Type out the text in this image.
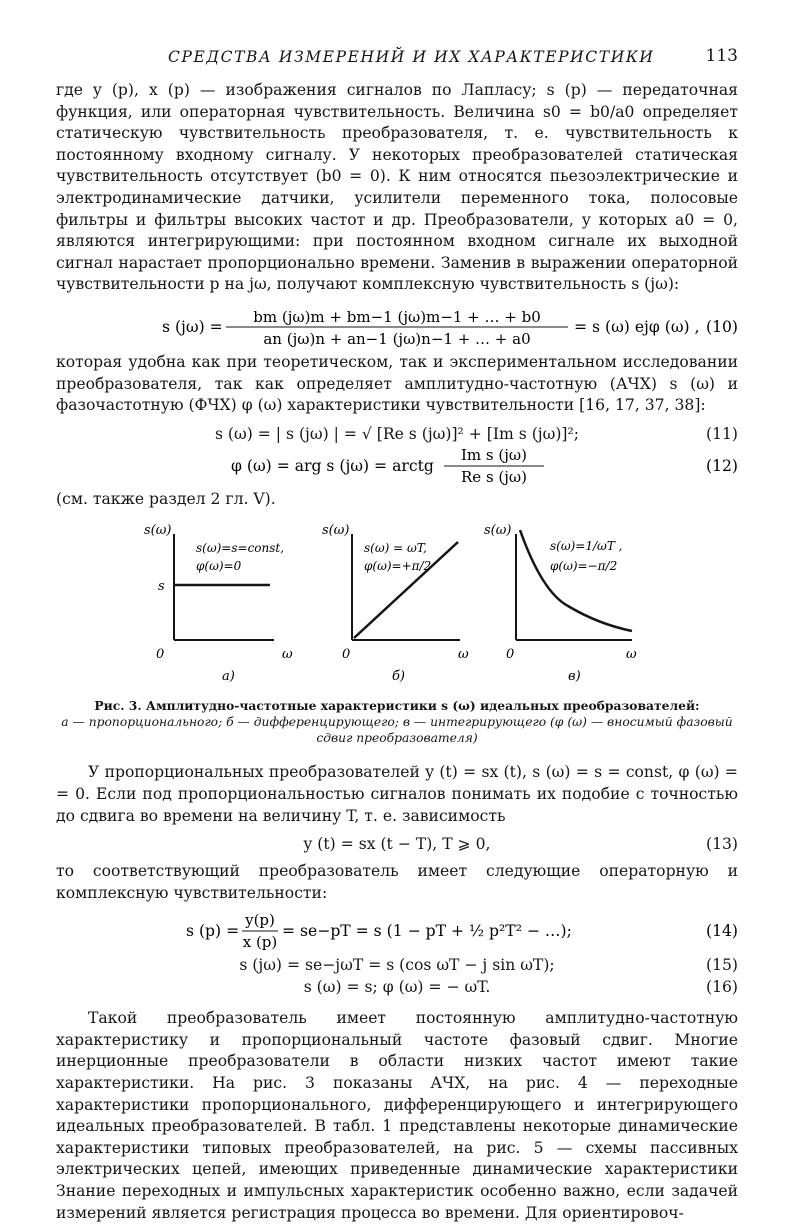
СРЕДСТВА ИЗМЕРЕНИЙ И ИХ ХАРАКТЕРИСТИКИ	113

где y (p), x (p) — изображения сигналов по Лапласу; s (p) — передаточная функция, или операторная чувствительность. Величина s0 = b0/a0 определяет статическую чувствительность преобразователя, т. е. чувствительность к постоянному входному сигналу. У некоторых преобразователей статическая чувствительность отсутствует (b0 = 0). К ним относятся пьезоэлектрические и электродинамические датчики, усилители переменного тока, полосовые фильтры и фильтры высоких частот и др. Преобразователи, у которых a0 = 0, являются интегрирующими: при постоянном входном сигнале их выходной сигнал нарастает пропорционально времени. Заменив в выражении операторной чувствительности p на jω, получают комплексную чувствительность s (jω):

s (jω) =
bm (jω)m + bm−1 (jω)m−1 + … + b0
an (jω)n + an−1 (jω)n−1 + … + a0
= s (ω) ejφ (ω) , (10)

которая удобна как при теоретическом, так и экспериментальном исследовании преобразователя, так как определяет амплитудно-частотную (АЧХ) s (ω) и фазочастотную (ФЧХ) φ (ω) характеристики чувствительности [16, 17, 37, 38]:

s (ω) = | s (jω) | = √ [Re s (jω)]² + [Im s (jω)]²;	(11)
φ (ω) = arg s (jω) = arctg
Im s (jω)
Re s (jω)
(12)

(см. также раздел 2 гл. V).

s(ω)
s
s(ω)=s=const,
φ(ω)=0
0	ω
а)
s(ω)
s(ω) = ωT,
φ(ω)=+π/2
0	ω
б)
s(ω)
s(ω)=1/ωT ,
φ(ω)=−π/2
0	ω
в)
Рис. 3. Амплитудно-частотные характеристики s (ω) идеальных преобразователей:
а — пропорционального; б — дифференцирующего; в — интегрирующего (φ (ω) — вносимый фазовый сдвиг преобразователя)

У пропорциональных преобразователей y (t) = sx (t), s (ω) = s = const, φ (ω) = = 0. Если под пропорциональностью сигналов понимать их подобие с точностью до сдвига во времени на величину T, т. е. зависимость

y (t) = sx (t − T), T ⩾ 0,	(13)

то соответствующий преобразователь имеет следующие операторную и комплексную чувствительности:

s (p) =
y(p)
x (p)
= se−pT = s (1 − pT + ½ p²T² − …);	(14)
s (jω) = se−jωT = s (cos ωT − j sin ωT);	(15)
s (ω) = s; φ (ω) = − ωT.	(16)

Такой преобразователь имеет постоянную амплитудно-частотную характеристику и пропорциональный частоте фазовый сдвиг. Многие инерционные преобразователи в области низких частот имеют такие характеристики. На рис. 3 показаны АЧХ, на рис. 4 — переходные характеристики пропорционального, дифференцирующего и интегрирующего идеальных преобразователей. В табл. 1 представлены некоторые динамические характеристики типовых преобразователей, на рис. 5 — схемы пассивных электрических цепей, имеющих приведенные динамические характеристики Знание переходных и импульсных характеристик особенно важно, если задачей измерений является регистрация процесса во времени. Для ориентировоч-
